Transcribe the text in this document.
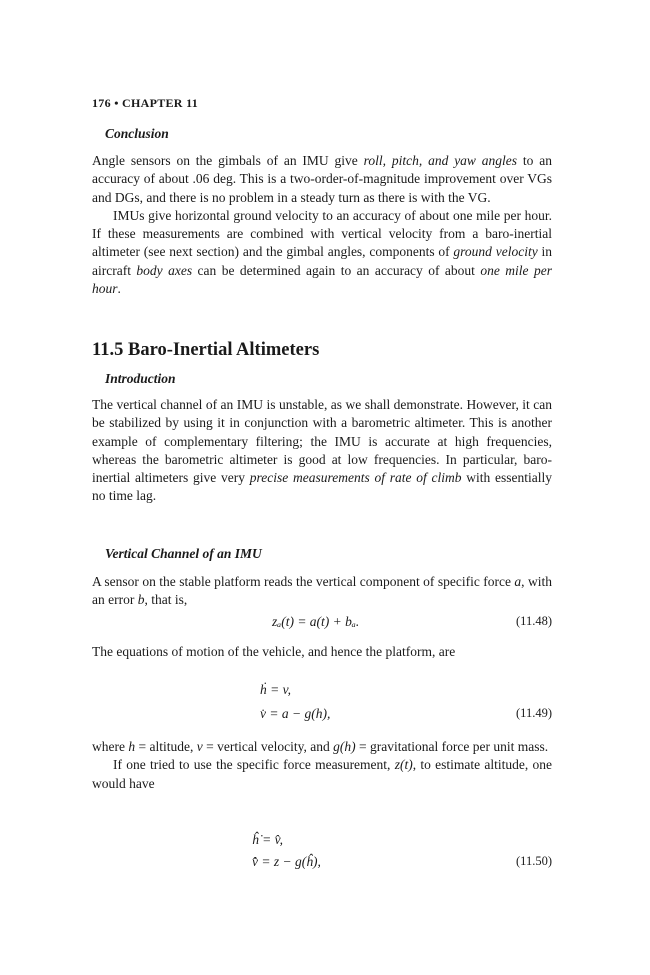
176 • CHAPTER 11
Conclusion

Angle sensors on the gimbals of an IMU give roll, pitch, and yaw angles to an accuracy of about .06 deg. This is a two-order-of-magnitude improvement over VGs and DGs, and there is no problem in a steady turn as there is with the VG.

IMUs give horizontal ground velocity to an accuracy of about one mile per hour. If these measurements are combined with vertical velocity from a baro-inertial altimeter (see next section) and the gimbal angles, components of ground velocity in aircraft body axes can be determined again to an accuracy of about one mile per hour.

11.5 Baro-Inertial Altimeters
Introduction

The vertical channel of an IMU is unstable, as we shall demonstrate. However, it can be stabilized by using it in conjunction with a barometric altimeter. This is another example of complementary filtering; the IMU is accurate at high frequencies, whereas the barometric altimeter is good at low frequencies. In particular, baro-inertial altimeters give very precise measurements of rate of climb with essentially no time lag.

Vertical Channel of an IMU

A sensor on the stable platform reads the vertical component of specific force a, with an error b, that is,

zₐ(t) = a(t) + bₐ.	(11.48)

The equations of motion of the vehicle, and hence the platform, are

ḣ = v,
v̇ = a − g(h),	(11.49)

where h = altitude, v = vertical velocity, and g(h) = gravitational force per unit mass.

If one tried to use the specific force measurement, z(t), to estimate altitude, one would have

ĥ̇ = v̂,
v̂̇ = z − g(ĥ),	(11.50)
